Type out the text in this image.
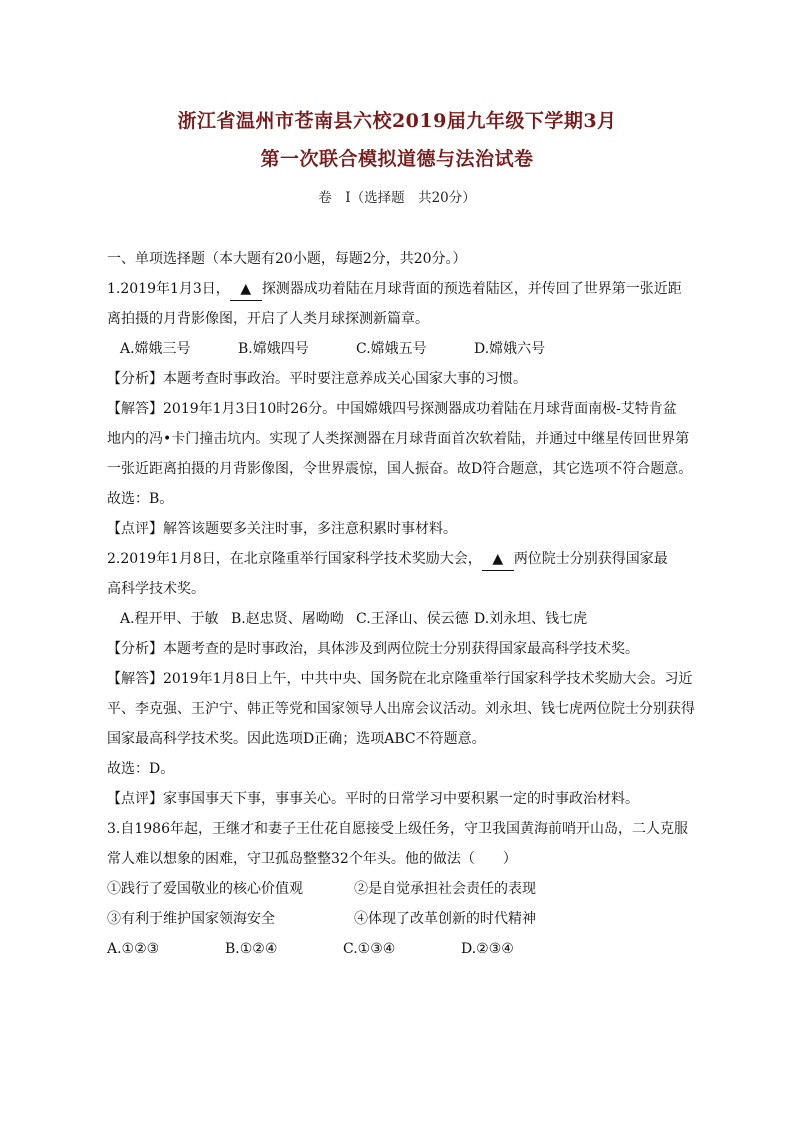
浙江省温州市苍南县六校2019届九年级下学期3月
第一次联合模拟道德与法治试卷
卷　Ⅰ（选择题　共20分）

一、单项选择题（本大题有20小题，每题2分，共20分。）

1.2019年1月3日， ▲ 探测器成功着陆在月球背面的预选着陆区，并传回了世界第一张近距

离拍摄的月背影像图，开启了人类月球探测新篇章。

A.嫦娥三号	B.嫦娥四号	C.嫦娥五号	D.嫦娥六号

【分析】本题考查时事政治。平时要注意养成关心国家大事的习惯。

【解答】2019年1月3日10时26分。中国嫦娥四号探测器成功着陆在月球背面南极-艾特肯盆

地内的冯•卡门撞击坑内。实现了人类探测器在月球背面首次软着陆，并通过中继星传回世界第

一张近距离拍摄的月背影像图，令世界震惊，国人振奋。故D符合题意，其它选项不符合题意。

故选：B。

【点评】解答该题要多关注时事，多注意积累时事材料。

2.2019年1月8日，在北京隆重举行国家科学技术奖励大会， ▲ 两位院士分别获得国家最

高科学技术奖。

A.程开甲、于敏 B.赵忠贤、屠呦呦 C.王泽山、侯云德 D.刘永坦、钱七虎

【分析】本题考查的是时事政治，具体涉及到两位院士分别获得国家最高科学技术奖。

【解答】2019年1月8日上午，中共中央、国务院在北京隆重举行国家科学技术奖励大会。习近

平、李克强、王沪宁、韩正等党和国家领导人出席会议活动。刘永坦、钱七虎两位院士分别获得

国家最高科学技术奖。因此选项D正确；选项ABC不符题意。

故选：D。

【点评】家事国事天下事，事事关心。平时的日常学习中要积累一定的时事政治材料。

3.自1986年起，王继才和妻子王仕花自愿接受上级任务，守卫我国黄海前哨开山岛，二人克服

常人难以想象的困难，守卫孤岛整整32个年头。他的做法（　　）

①践行了爱国敬业的核心价值观	②是自觉承担社会责任的表现
③有利于维护国家领海安全	④体现了改革创新的时代精神
A.①②③	B.①②④	C.①③④	D.②③④
